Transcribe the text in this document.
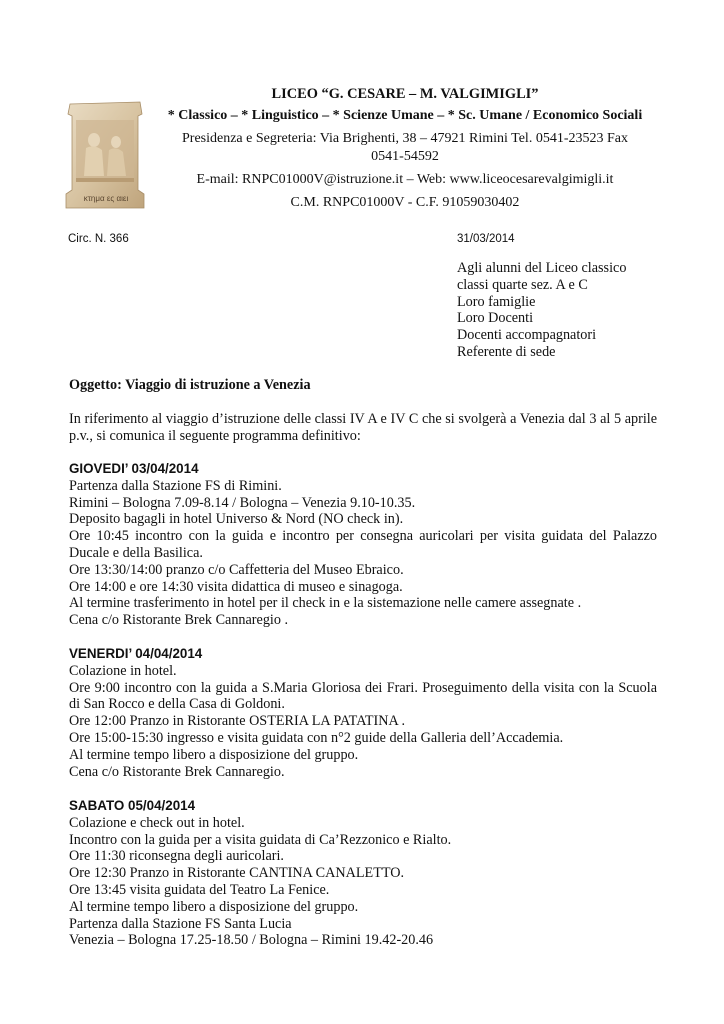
κτημα ες αιει
LICEO “G. CESARE – M. VALGIMIGLI”
* Classico – * Linguistico – * Scienze Umane – * Sc. Umane / Economico Sociali
Presidenza e Segreteria: Via Brighenti, 38 – 47921 Rimini Tel. 0541-23523 Fax
0541-54592
E-mail: RNPC01000V@istruzione.it – Web: www.liceocesarevalgimigli.it
C.M. RNPC01000V - C.F. 91059030402
Circ. N. 366	31/03/2014
Agli alunni del Liceo classico
classi quarte sez. A e C
Loro famiglie
Loro Docenti
Docenti accompagnatori
Referente di sede
Oggetto: Viaggio di istruzione a Venezia
In riferimento al viaggio d’istruzione delle classi IV A e IV C che si svolgerà a Venezia dal 3 al 5 aprile p.v., si comunica il seguente programma definitivo:
GIOVEDI’ 03/04/2014
Partenza dalla Stazione FS di Rimini.
Rimini – Bologna 7.09-8.14 / Bologna – Venezia 9.10-10.35.
Deposito bagagli in hotel Universo & Nord (NO check in).
Ore 10:45 incontro con la guida e incontro per consegna auricolari per visita guidata del Palazzo Ducale e della Basilica.
Ore 13:30/14:00 pranzo c/o Caffetteria del Museo Ebraico.
Ore 14:00 e ore 14:30 visita didattica di museo e sinagoga.
Al termine trasferimento in hotel per il check in e la sistemazione nelle camere assegnate .
Cena c/o Ristorante Brek Cannaregio .
VENERDI’ 04/04/2014
Colazione in hotel.
Ore 9:00 incontro con la guida a S.Maria Gloriosa dei Frari. Proseguimento della visita con la Scuola di San Rocco e della Casa di Goldoni.
Ore 12:00 Pranzo in Ristorante OSTERIA LA PATATINA .
Ore 15:00-15:30 ingresso e visita guidata con n°2 guide della Galleria dell’Accademia.
Al termine tempo libero a disposizione del gruppo.
Cena c/o Ristorante Brek Cannaregio.
SABATO 05/04/2014
Colazione e check out in hotel.
Incontro con la guida per a visita guidata di Ca’Rezzonico e Rialto.
Ore 11:30 riconsegna degli auricolari.
Ore 12:30 Pranzo in Ristorante CANTINA CANALETTO.
Ore 13:45 visita guidata del Teatro La Fenice.
Al termine tempo libero a disposizione del gruppo.
Partenza dalla Stazione FS Santa Lucia
Venezia – Bologna 17.25-18.50 / Bologna – Rimini 19.42-20.46
